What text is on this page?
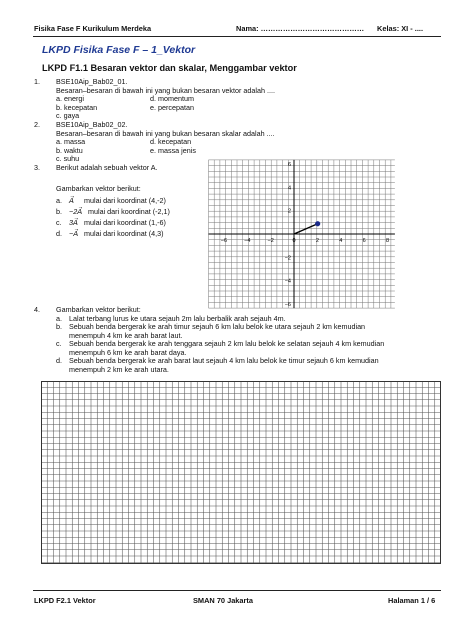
Fisika Fase F Kurikulum Merdeka	Nama: …………………………………… Kelas: XI - ....
LKPD Fisika Fase F – 1_Vektor
LKPD F1.1 Besaran vektor dan skalar, Menggambar vektor
1.	BSE10Aip_Bab02_01.
Besaran–besaran di bawah ini yang bukan besaran vektor adalah ....
a. energi
b. kecepatan
c. gaya
d. momentum
e. percepatan
2.	BSE10Aip_Bab02_02.
Besaran–besaran di bawah ini yang bukan besaran skalar adalah ....
a. massa
b. waktu
c. suhu
d. kecepatan
e. massa jenis
3.	Berikut adalah sebuah vektor A.
Gambarkan vektor berikut:
a. A⃗ mulai dari koordinat (4,-2)
b. −2A⃗ mulai dari koordinat (-2,1)
c. 3A⃗ mulai dari koordinat (1,-6)
d. −A⃗ mulai dari koordinat (4,3)
−6	−4	−2	0	2	4	6	8
6
4
2
−2
−4
−6
4.	Gambarkan vektor berikut:
a. Lalat terbang lurus ke utara sejauh 2m lalu berbalik arah sejauh 4m.
b. Sebuah benda bergerak ke arah timur sejauh 6 km lalu belok ke utara sejauh 2 km kemudian
menempuh 4 km ke arah barat laut.
c. Sebuah benda bergerak ke arah tenggara sejauh 2 km lalu belok ke selatan sejauh 4 km kemudian
menempuh 6 km ke arah barat daya.
d. Sebuah benda bergerak ke arah barat laut sejauh 4 km lalu belok ke timur sejauh 6 km kemudian
menempuh 2 km ke arah utara.
LKPD F2.1 Vektor	SMAN 70 Jakarta	Halaman 1 / 6
